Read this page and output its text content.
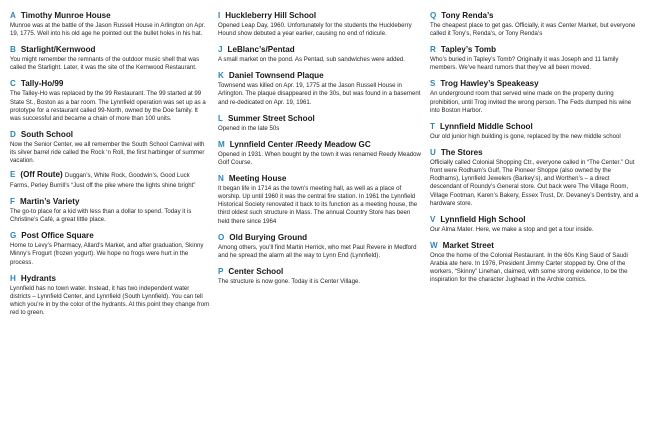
A Timothy Munroe House
Munroe was at the battle of the Jason Russell House in Arlington on Apr. 19, 1775. Well into his old age he pointed out the bullet holes in his hat.
B Starlight/Kernwood
You might remember the remnants of the outdoor music shell that was called the Starlight. Later, it was the site of the Kernwood Restaurant.
C Tally-Ho/99
The Talley-Ho was replaced by the 99 Restaurant. The 99 started at 99 State St., Boston as a bar room. The Lynnfield operation was set up as a prototype for a restaurant called 99-North, owned by the Doe family. It was successful and became a chain of more than 100 units.
D South School
Now the Senior Center, we all remember the South School Carnival with its silver barrel ride called the Rock ‘n Roll, the first harbinger of summer vacation.
E (Off Route) Duggan’s, White Rock, Goodwin’s, Good Luck Farms, Perley Burrill’s “Just off the pike where the lights shine bright”
F Martin’s Variety
The go-to place for a kid with less than a dollar to spend. Today it is Christine’s Café, a great little place.
G Post Office Square
Home to Levy’s Pharmacy, Allard’s Market, and after graduation, Skinny Minny’s Frogurt (frozen yogurt). We hope no frogs were hurt in the process.
H Hydrants
Lynnfield has no town water. Instead, it has two independent water districts – Lynnfield Center, and Lynnfield (South Lynnfield). You can tell which you’re in by the color of the hydrants. At this point they change from red to green.
I Huckleberry Hill School
Opened Leap Day, 1960. Unfortunately for the students the Huckleberry Hound show debuted a year earlier, causing no end of ridicule.
J LeBlanc’s/Pentad
A small market on the pond. As Pentad, sub sandwiches were added.
K Daniel Townsend Plaque
Townsend was killed on Apr. 19, 1775 at the Jason Russell House in Arlington. The plaque disappeared in the 30s, but was found in a basement and re-dedicated on Apr. 19, 1961.
L Summer Street School
Opened in the late 50s
M Lynnfield Center /Reedy Meadow GC
Opened in 1931. When bought by the town it was renamed Reedy Meadow Golf Course.
N Meeting House
It began life in 1714 as the town’s meeting hall, as well as a place of worship. Up until 1960 it was the central fire station. In 1961 the Lynnfield Historical Society renovated it back to its function as a meeting house, the third oldest such structure in Mass. The annual Country Store has been held there since 1964
O Old Burying Ground
Among others, you’ll find Martin Herrick, who met Paul Revere in Medford and he spread the alarm all the way to Lynn End (Lynnfield).
P Center School
The structure is now gone. Today it is Center Village.
Q Tony Renda’s
The cheapest place to get gas. Officially, it was Center Market, but everyone called it Tony’s, Renda’s, or Tony Renda’s
R Tapley’s Tomb
Who’s buried in Tapley’s Tomb? Originally it was Joseph and 11 family members. We’ve heard rumors that they’ve all been moved.
S Trog Hawley’s Speakeasy
An underground room that served wine made on the property during prohibition, until Trog invited the wrong person. The Feds dumped his wine into Boston Harbor.
T Lynnfield Middle School
Our old junior high building is gone, replaced by the new middle school
U The Stores
Officially called Colonial Shopping Ctr., everyone called in “The Center.” Out front were Rodham’s Gulf, The Pioneer Shoppe (also owned by the Rodhams), Lynnfield Jewelers (Barkey’s), and Worthen’s – a direct descendant of Roundy’s General store. Out back were The Village Room, Village Footman, Karen’s Bakery, Essex Trust, Dr. Devaney’s Dentistry, and a hardware store.
V Lynnfield High School
Our Alma Mater. Here, we make a stop and get a tour inside.
W Market Street
Once the home of the Colonial Restaurant. In the 60s King Saud of Saudi Arabia ate here. In 1976, President Jimmy Carter stopped by. One of the workers, “Skinny” Linehan, claimed, with some strong evidence, to be the inspiration for the character Jughead in the Archie comics.
